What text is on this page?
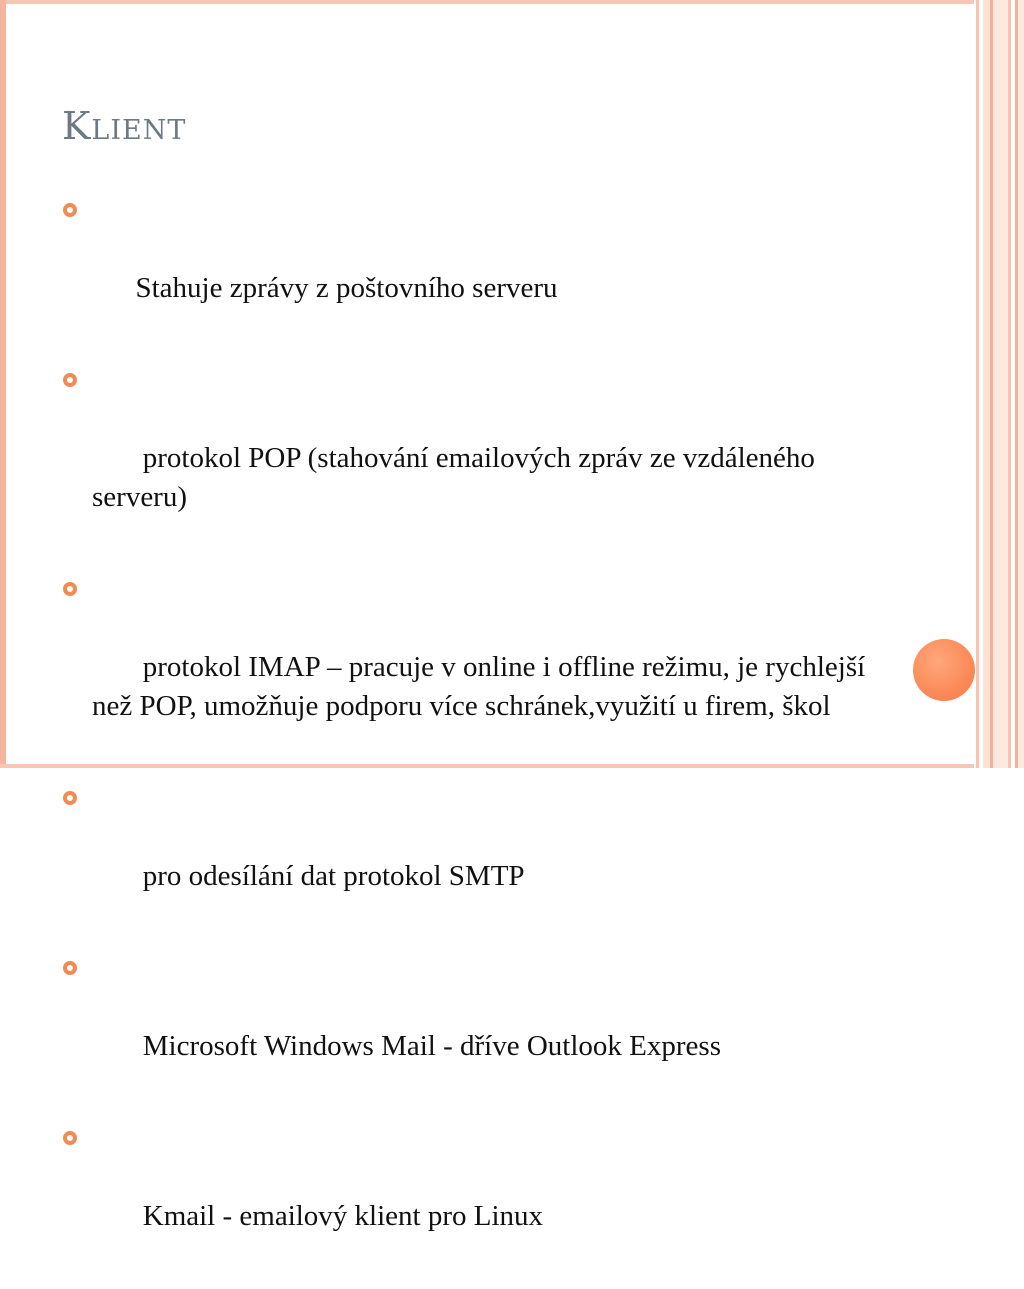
Klient

Stahuje zprávy z poštovního serveru

protokol POP (stahování emailových zpráv ze vzdáleného serveru)

protokol IMAP – pracuje v online i offline režimu, je rychlejší než POP, umožňuje podporu více schránek,využití u firem, škol

pro odesílání dat protokol SMTP

Microsoft Windows Mail - dříve Outlook Express

Kmail - emailový klient pro Linux
